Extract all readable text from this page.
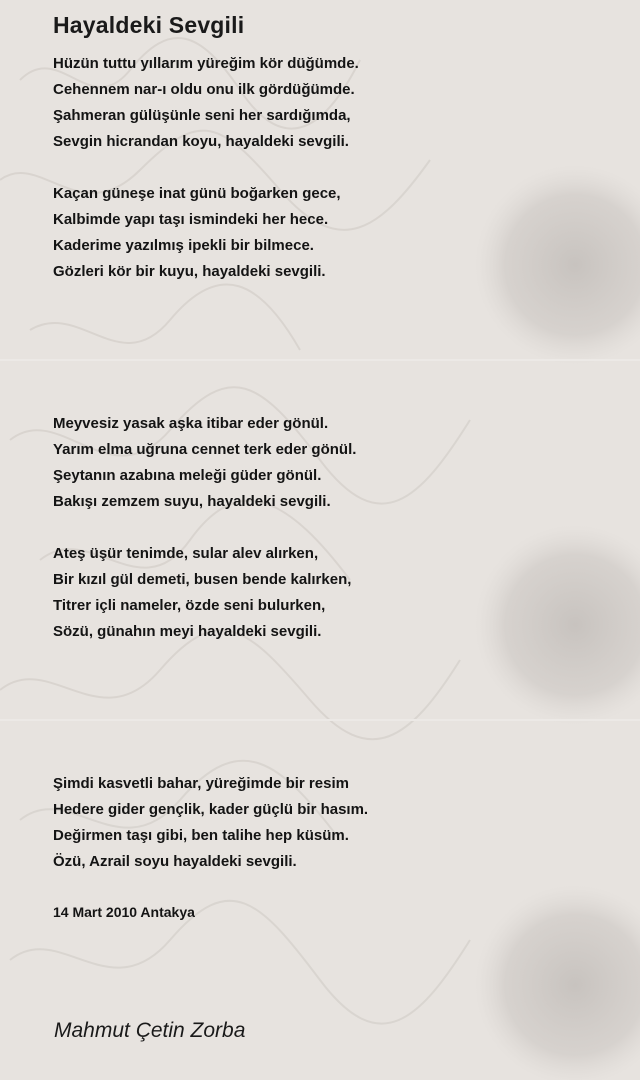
Hayaldeki Sevgili
Hüzün tuttu yıllarım yüreğim kör düğümde.
Cehennem nar-ı oldu onu ilk gördüğümde.
Şahmeran gülüşünle seni her sardığımda,
Sevgin hicrandan koyu, hayaldeki sevgili.
Kaçan güneşe inat günü boğarken gece,
Kalbimde yapı taşı ismindeki her hece.
Kaderime yazılmış ipekli bir bilmece.
Gözleri kör bir kuyu, hayaldeki sevgili.
Meyvesiz yasak aşka itibar eder gönül.
Yarım elma uğruna cennet terk eder gönül.
Şeytanın azabına meleği güder gönül.
Bakışı zemzem suyu, hayaldeki sevgili.
Ateş üşür tenimde, sular alev alırken,
Bir kızıl gül demeti, busen bende kalırken,
Titrer içli nameler, özde seni bulurken,
Sözü, günahın meyi hayaldeki sevgili.
Şimdi kasvetli bahar, yüreğimde bir resim
Hedere gider gençlik, kader güçlü bir hasım.
Değirmen taşı gibi, ben talihe hep küsüm.
Özü, Azrail soyu hayaldeki sevgili.
14 Mart 2010 Antakya
Mahmut Çetin Zorba
